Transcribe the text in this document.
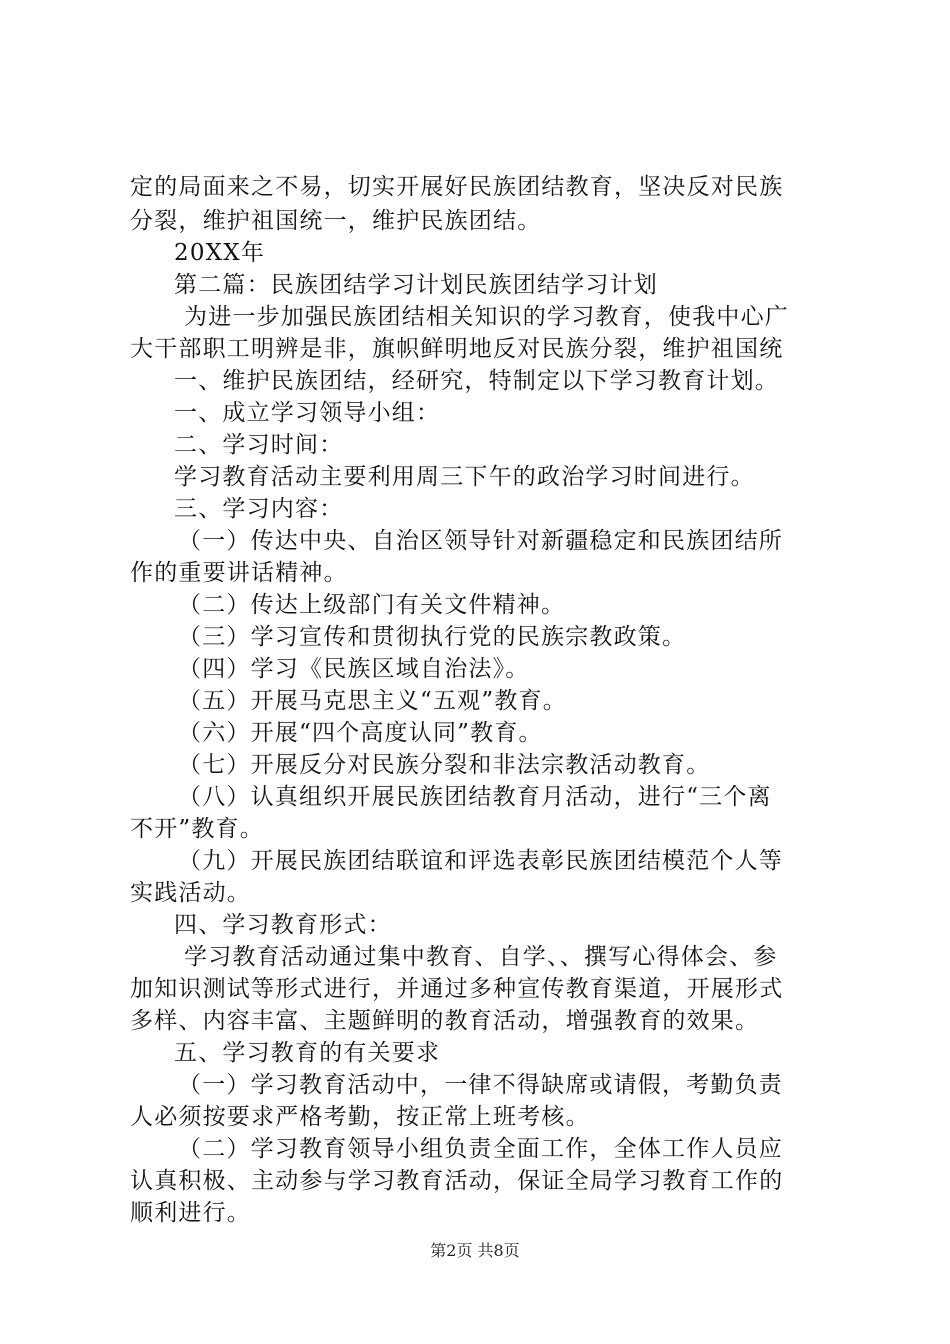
定的局面来之不易，切实开展好民族团结教育，坚决反对民族
分裂，维护祖国统一，维护民族团结。
20XX年
第二篇：民族团结学习计划民族团结学习计划
为进一步加强民族团结相关知识的学习教育，使我中心广
大干部职工明辨是非，旗帜鲜明地反对民族分裂，维护祖国统
一、维护民族团结，经研究，特制定以下学习教育计划。
一、成立学习领导小组：
二、学习时间：
学习教育活动主要利用周三下午的政治学习时间进行。
三、学习内容：
（一）传达中央、自治区领导针对新疆稳定和民族团结所
作的重要讲话精神。
（二）传达上级部门有关文件精神。
（三）学习宣传和贯彻执行党的民族宗教政策。
（四）学习《民族区域自治法》。
（五）开展马克思主义“五观”教育。
（六）开展“四个高度认同”教育。
（七）开展反分对民族分裂和非法宗教活动教育。
（八）认真组织开展民族团结教育月活动，进行“三个离
不开”教育。
（九）开展民族团结联谊和评选表彰民族团结模范个人等
实践活动。
四、学习教育形式：
学习教育活动通过集中教育、自学、、撰写心得体会、参
加知识测试等形式进行，并通过多种宣传教育渠道，开展形式
多样、内容丰富、主题鲜明的教育活动，增强教育的效果。
五、学习教育的有关要求
（一）学习教育活动中，一律不得缺席或请假，考勤负责
人必须按要求严格考勤，按正常上班考核。
（二）学习教育领导小组负责全面工作，全体工作人员应
认真积极、主动参与学习教育活动，保证全局学习教育工作的
顺利进行。
第2页 共8页
